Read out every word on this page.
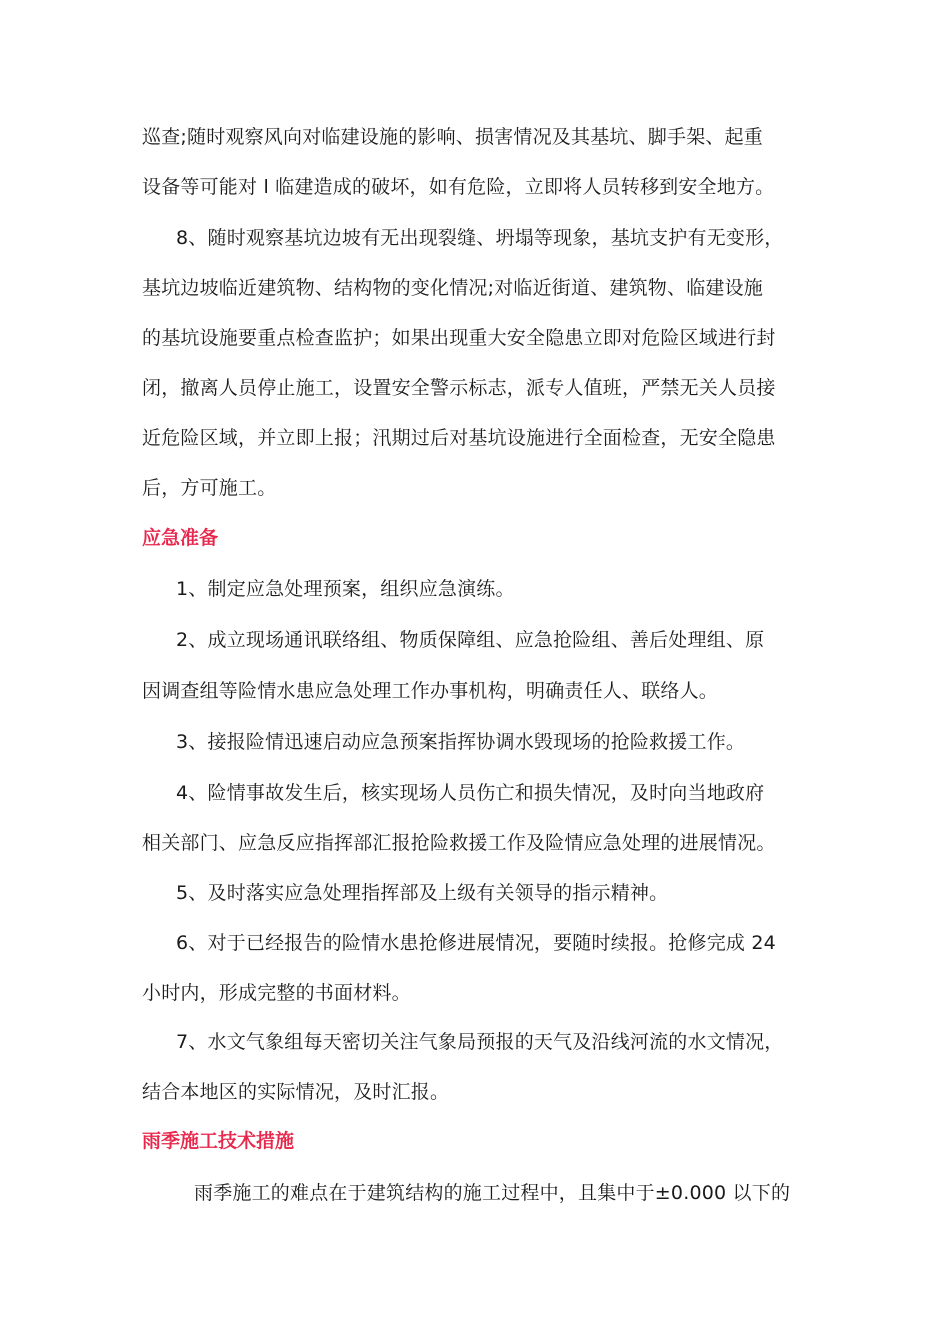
巡查;随时观察风向对临建设施的影响、损害情况及其基坑、脚手架、起重
设备等可能对 l 临建造成的破坏，如有危险，立即将人员转移到安全地方。
8、随时观察基坑边坡有无出现裂缝、坍塌等现象，基坑支护有无变形，
基坑边坡临近建筑物、结构物的变化情况;对临近街道、建筑物、临建设施
的基坑设施要重点检查监护；如果出现重大安全隐患立即对危险区域进行封
闭，撤离人员停止施工，设置安全警示标志，派专人值班，严禁无关人员接
近危险区域，并立即上报；汛期过后对基坑设施进行全面检查，无安全隐患
后，方可施工。
应急准备
1、制定应急处理预案，组织应急演练。
2、成立现场通讯联络组、物质保障组、应急抢险组、善后处理组、原
因调查组等险情水患应急处理工作办事机构，明确责任人、联络人。
3、接报险情迅速启动应急预案指挥协调水毁现场的抢险救援工作。
4、险情事故发生后，核实现场人员伤亡和损失情况，及时向当地政府
相关部门、应急反应指挥部汇报抢险救援工作及险情应急处理的进展情况。
5、及时落实应急处理指挥部及上级有关领导的指示精神。
6、对于已经报告的险情水患抢修进展情况，要随时续报。抢修完成 24
小时内，形成完整的书面材料。
7、水文气象组每天密切关注气象局预报的天气及沿线河流的水文情况，
结合本地区的实际情况，及时汇报。
雨季施工技术措施
雨季施工的难点在于建筑结构的施工过程中，且集中于±0.000 以下的
